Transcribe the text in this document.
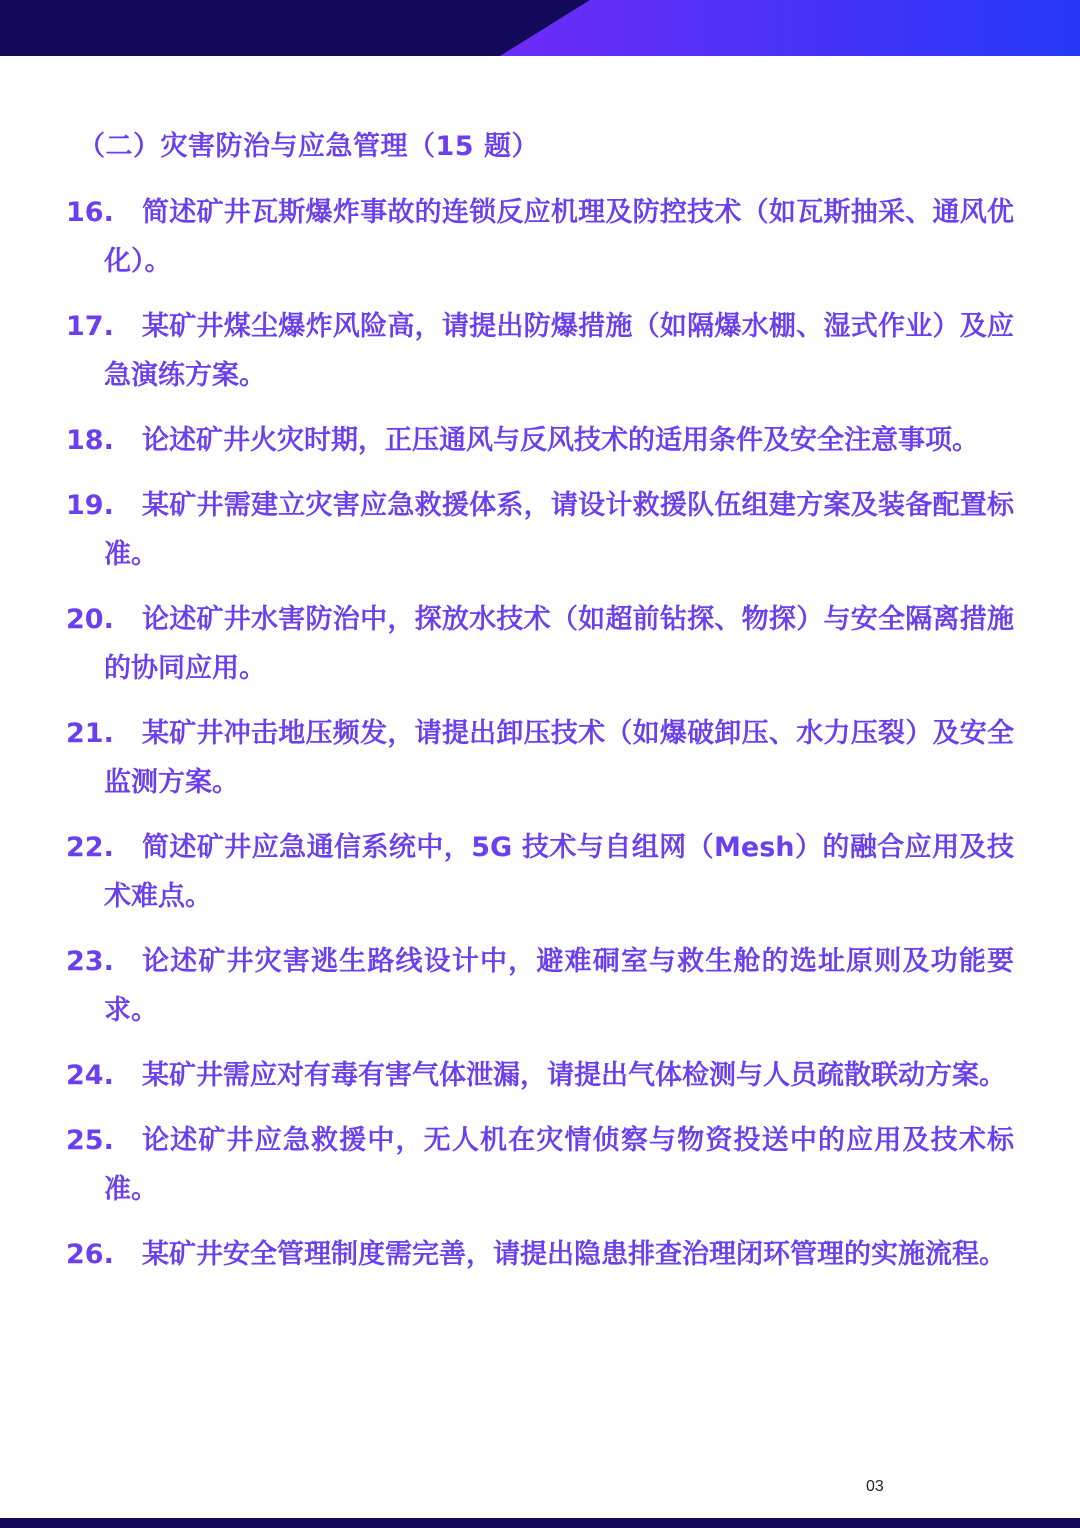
（二）灾害防治与应急管理（15 题）
16.	简述矿井瓦斯爆炸事故的连锁反应机理及防控技术（如瓦斯抽采、通风优化）。
17.	某矿井煤尘爆炸风险高，请提出防爆措施（如隔爆水棚、湿式作业）及应急演练方案。
18.	论述矿井火灾时期，正压通风与反风技术的适用条件及安全注意事项。
19.	某矿井需建立灾害应急救援体系，请设计救援队伍组建方案及装备配置标准。
20.	论述矿井水害防治中，探放水技术（如超前钻探、物探）与安全隔离措施的协同应用。
21.	某矿井冲击地压频发，请提出卸压技术（如爆破卸压、水力压裂）及安全监测方案。
22.	简述矿井应急通信系统中，5G 技术与自组网（Mesh）的融合应用及技术难点。
23.	论述矿井灾害逃生路线设计中，避难硐室与救生舱的选址原则及功能要求。
24.	某矿井需应对有毒有害气体泄漏，请提出气体检测与人员疏散联动方案。
25.	论述矿井应急救援中，无人机在灾情侦察与物资投送中的应用及技术标准。
26.	某矿井安全管理制度需完善，请提出隐患排查治理闭环管理的实施流程。
03
